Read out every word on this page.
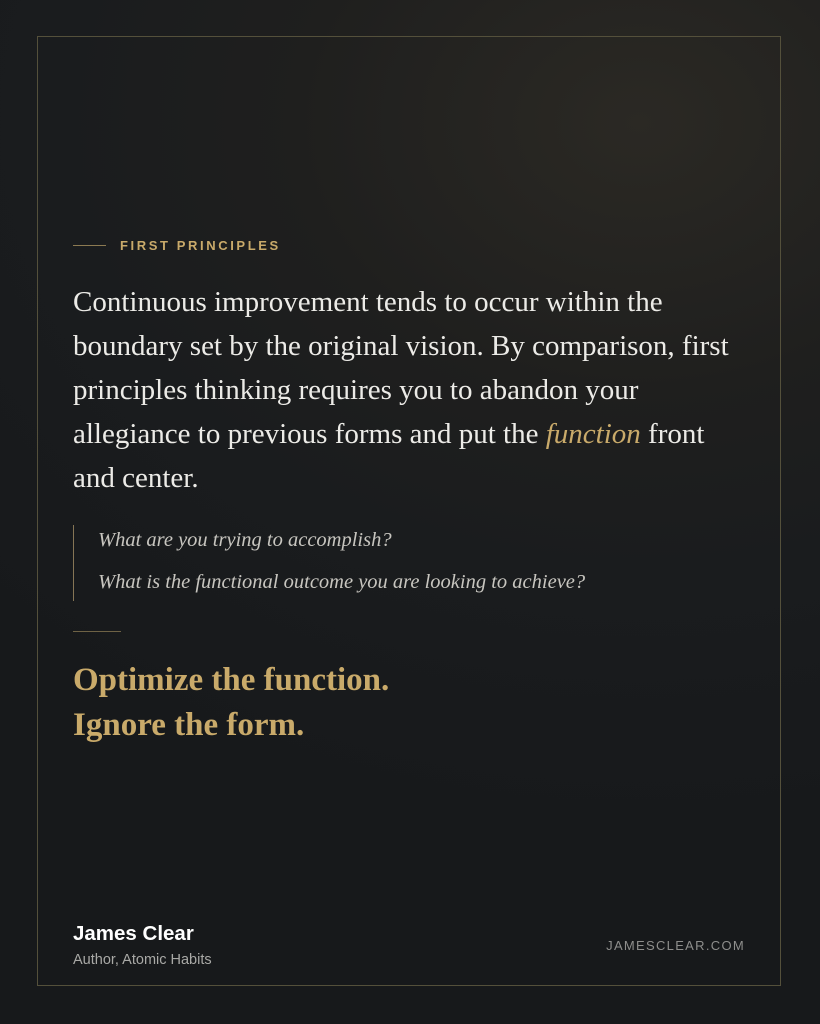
FIRST PRINCIPLES

Continuous improvement tends to occur within the boundary set by the original vision. By comparison, first principles thinking requires you to abandon your allegiance to previous forms and put the function front and center.

What are you trying to accomplish?

What is the functional outcome you are looking to achieve?

Optimize the function.
Ignore the form.

James Clear

Author, Atomic Habits

JAMESCLEAR.COM
